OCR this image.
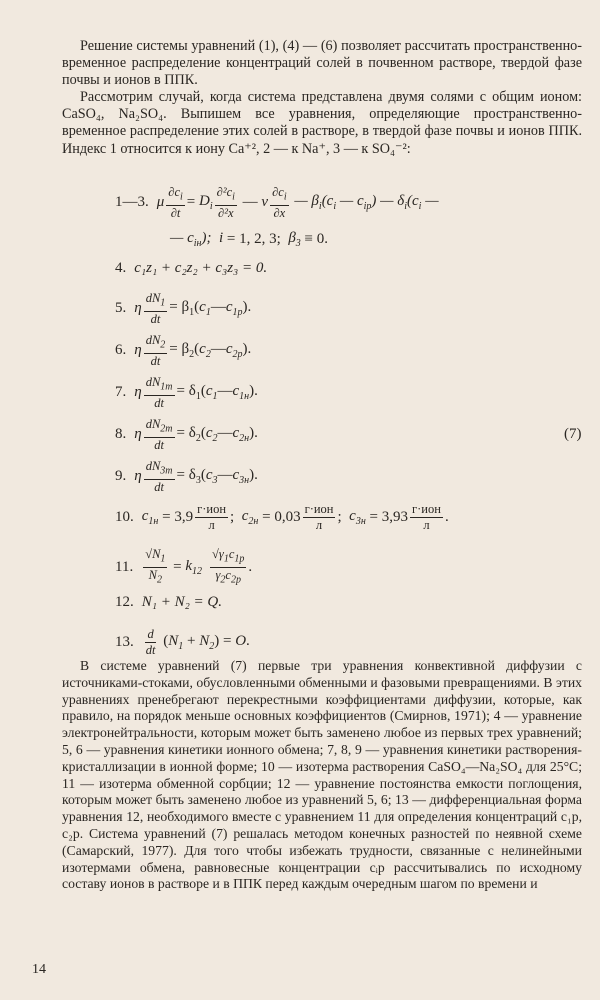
Решение системы уравнений (1), (4) — (6) позволяет рассчитать пространственно-временное распределение концентраций солей в почвенном растворе, твердой фазе почвы и ионов в ППК.

Рассмотрим случай, когда система представлена двумя солями с общим ионом: CaSO₄, Na₂SO₄. Выпишем все уравнения, определяющие пространственно-временное распределение этих солей в растворе, в твердой фазе почвы и ионов ППК. Индекс 1 относится к иону Ca⁺², 2 — к Na⁺, 3 — к SO₄⁻²:

1—3. μ $\frac{\partial c_i}{\partial t} = D_i \frac{\partial^2c_i}{\text{∂²x}}$ — v $\frac{\partial c_i}{\partial x}$ — $\beta_i(c_i$ — $c_{ip}$) — $\delta_i(c_i$ —
— $c_{iн}$);  i = 1, 2, 3; $\beta_3 \equiv 0$.
4. c₁z₁ + c₂z₂ + c₃z₃ = 0.
5. η $\frac{dN_1}{dt}$ = $\beta_1(c_1—c_{1p})$.
6. η $\frac{dN_2}{dt}$ = $\beta_2(c_2—c_{2p})$.
7. η $\frac{dN_{1т}}{dt}$ = $\delta_1(c_1—c_{1н})$.
8. η $\frac{dN_{2т}}{dt}$ = $\delta_2(c_2—c_{2н})$.
9. η $\frac{dN_{3т}}{dt}$ = $\delta_3(c_3—c_{3н})$.
(7)
10. $c_{1н} = 3,9 \frac{\text{г·ион}}{л}$ ; $c_{2н} = 0,03 \frac{\text{г·ион}}{л}$ ; $c_{3н} = 3,93 \frac{\text{г·ион}}{л}$ .
11. $\frac{√N_1}{N_2} = k_{12} \frac{√\gamma_1c_{1p}}{\gamma_2c_{2p}}$ .
12. N₁ + N₂ = Q.
13. $\frac{d}{dt} (N_1 + N_2) = O$.

В системе уравнений (7) первые три уравнения конвективной диффузии с источниками-стоками, обусловленными обменными и фазовыми превращениями. В этих уравнениях пренебрегают перекрестными коэффициентами диффузии, которые, как правило, на порядок меньше основных коэффициентов (Смирнов, 1971); 4 — уравнение электронейтральности, которым может быть заменено любое из первых трех уравнений; 5, 6 — уравнения кинетики ионного обмена; 7, 8, 9 — уравнения кинетики растворения-кристаллизации в ионной форме; 10 — изотерма растворения CaSO₄—Na₂SO₄ для 25°C; 11 — изотерма обменной сорбции; 12 — уравнение постоянства емкости поглощения, которым может быть заменено любое из уравнений 5, 6; 13 — дифференциальная форма уравнения 12, необходимого вместе с уравнением 11 для определения концентраций c₁p, c₂p. Система уравнений (7) решалась методом конечных разностей по неявной схеме (Самарский, 1977). Для того чтобы избежать трудности, связанные с нелинейными изотермами обмена, равновесные концентрации cᵢp рассчитывались по исходному составу ионов в растворе и в ППК перед каждым очередным шагом по времени и

14
